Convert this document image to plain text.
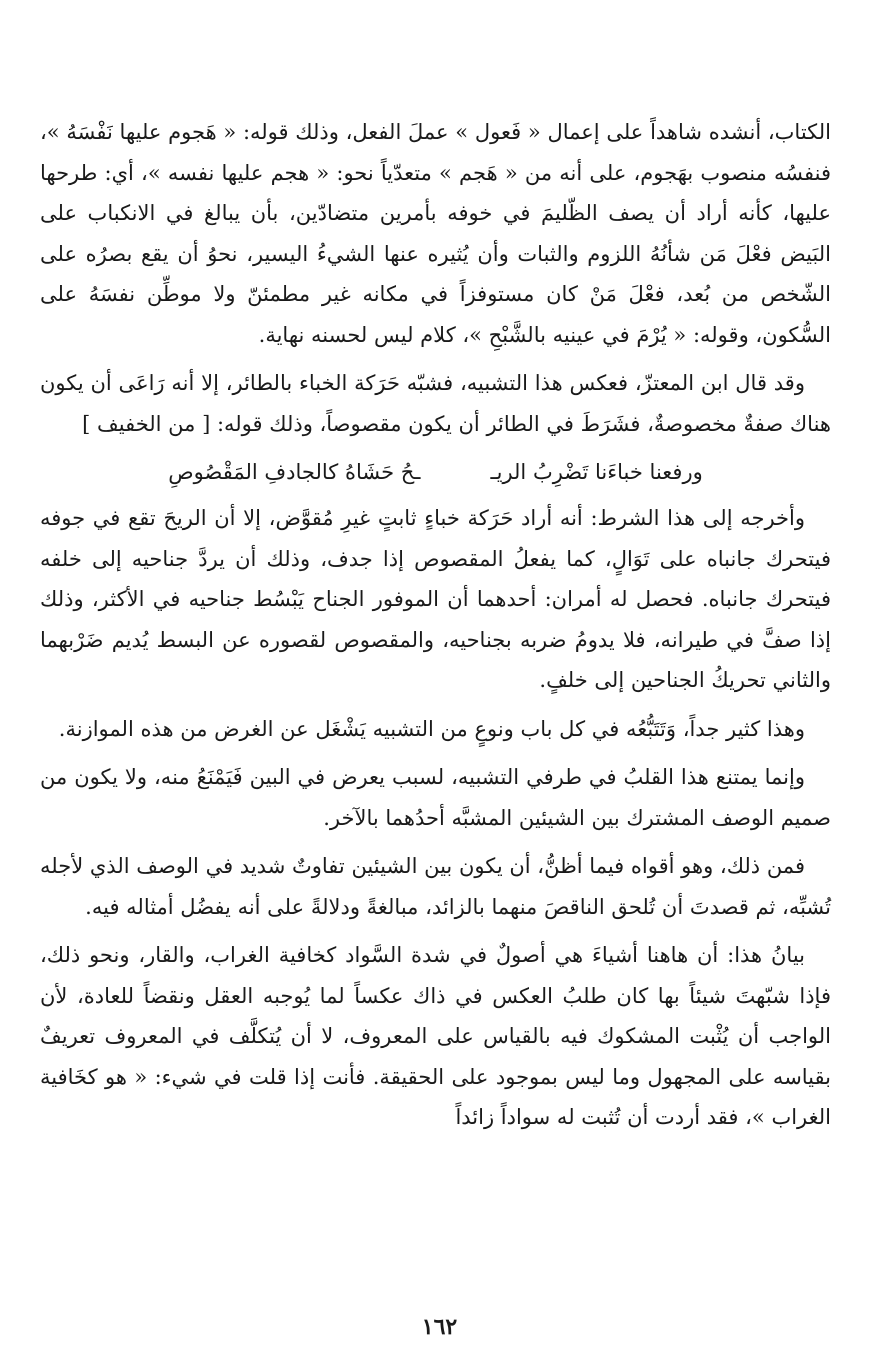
الكتاب، أنشده شاهداً على إعمال « فَعول » عملَ الفعل، وذلك قوله: « هَجوم عليها نَفْسَهُ »، فنفسُه منصوب بهَجوم، على أنه من « هَجم » متعدّياً نحو: « هجم عليها نفسه »، أي: طرحها عليها، كأنه أراد أن يصف الظّليمَ في خوفه بأمرين متضادّين، بأن يبالغ في الانكباب على البَيض فعْلَ مَن شأنُهُ اللزوم والثبات وأن يُثيره عنها الشيءُ اليسير، نحوُ أن يقع بصرُه على الشّخص من بُعد، فعْلَ مَنْ كان مستوفزاً في مكانه غير مطمئنّ ولا موطِّن نفسَهُ على السُّكون، وقوله: « يُرْمَ في عينيه بالشَّبْحِ »، كلام ليس لحسنه نهاية.

وقد قال ابن المعتزّ، فعكس هذا التشبيه، فشبّه حَرَكة الخباء بالطائر، إلا أنه رَاعَى أن يكون هناك صفةٌ مخصوصةٌ، فشَرَطَ في الطائر أن يكون مقصوصاً، وذلك قوله: [ من الخفيف ]

ورفعنا خباءَنا تَضْرِبُ الريـ
ـحُ حَشَاهُ كالجادفِ المَقْصُوصِ

وأخرجه إلى هذا الشرط: أنه أراد حَرَكة خباءٍ ثابتٍ غيرِ مُقوَّض، إلا أن الريحَ تقع في جوفه فيتحرك جانباه على تَوَالٍ، كما يفعلُ المقصوص إذا جدف، وذلك أن يردَّ جناحيه إلى خلفه فيتحرك جانباه. فحصل له أمران: أحدهما أن الموفور الجناح يَبْسُط جناحيه في الأكثر، وذلك إذا صفَّ في طيرانه، فلا يدومُ ضربه بجناحيه، والمقصوص لقصوره عن البسط يُديم ضَرْبهما والثاني تحريكُ الجناحين إلى خلفٍ.

وهذا كثير جداً، وَتَتَبُّعُه في كل باب ونوعٍ من التشبيه يَشْغَل عن الغرض من هذه الموازنة.

وإنما يمتنع هذا القلبُ في طرفي التشبيه، لسبب يعرض في البين فَيَمْنَعُ منه، ولا يكون من صميم الوصف المشترك بين الشيئين المشبَّه أحدُهما بالآخر.

فمن ذلك، وهو أقواه فيما أظنُّ، أن يكون بين الشيئين تفاوتٌ شديد في الوصف الذي لأجله تُشبِّه، ثم قصدتَ أن تُلحق الناقصَ منهما بالزائد، مبالغةً ودلالةً على أنه يفضُل أمثاله فيه.

بيانُ هذا: أن هاهنا أشياءَ هي أصولٌ في شدة السَّواد كخافية الغراب، والقار، ونحو ذلك، فإذا شبّهتَ شيئاً بها كان طلبُ العكس في ذاك عكساً لما يُوجبه العقل ونقضاً للعادة، لأن الواجب أن يُثْبت المشكوك فيه بالقياس على المعروف، لا أن يُتكلَّف في المعروف تعريفٌ بقياسه على المجهول وما ليس بموجود على الحقيقة. فأنت إذا قلت في شيء: « هو كخَافية الغراب »، فقد أردت أن تُثبت له سواداً زائداً

١٦٢
